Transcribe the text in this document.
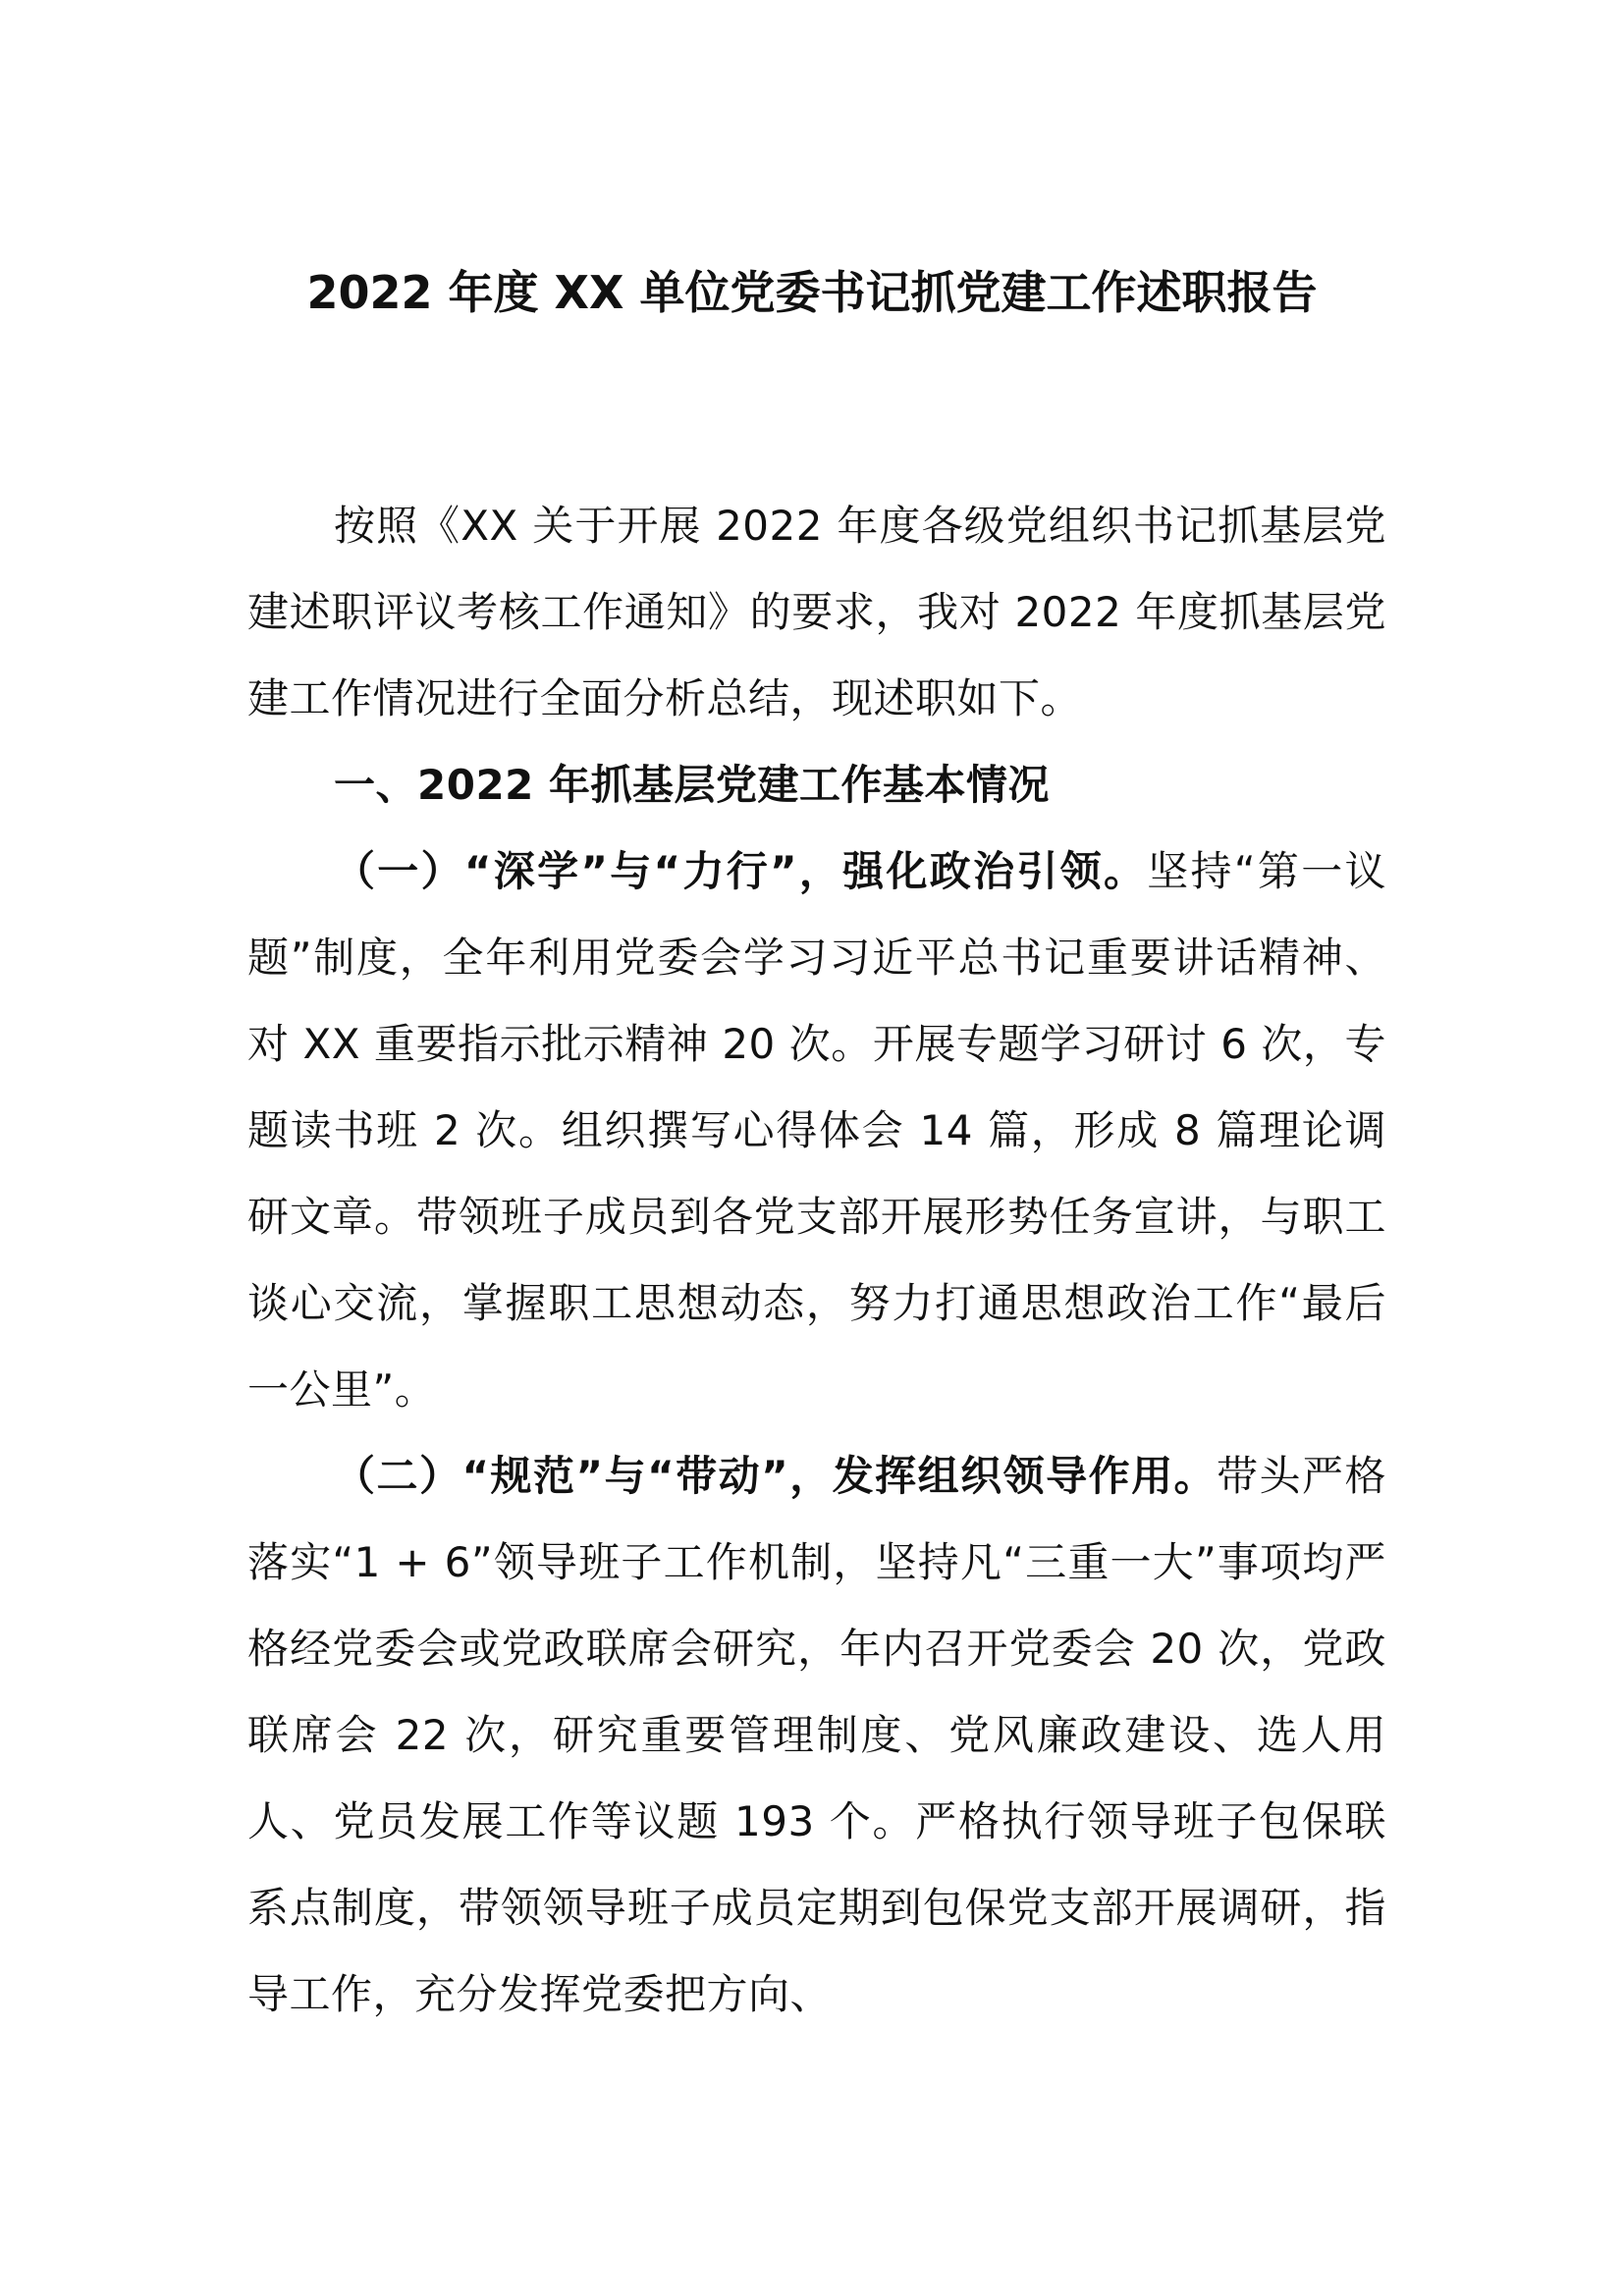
2022 年度 XX 单位党委书记抓党建工作述职报告

按照《XX 关于开展 2022 年度各级党组织书记抓基层党建述职评议考核工作通知》的要求，我对 2022 年度抓基层党建工作情况进行全面分析总结，现述职如下。

一、2022 年抓基层党建工作基本情况

（一）“深学”与“力行”，强化政治引领。坚持“第一议题”制度，全年利用党委会学习习近平总书记重要讲话精神、对 XX 重要指示批示精神 20 次。开展专题学习研讨 6 次，专题读书班 2 次。组织撰写心得体会 14 篇，形成 8 篇理论调研文章。带领班子成员到各党支部开展形势任务宣讲，与职工谈心交流，掌握职工思想动态，努力打通思想政治工作“最后一公里”。

（二）“规范”与“带动”，发挥组织领导作用。带头严格落实“1 + 6”领导班子工作机制，坚持凡“三重一大”事项均严格经党委会或党政联席会研究，年内召开党委会 20 次，党政联席会 22 次，研究重要管理制度、党风廉政建设、选人用人、党员发展工作等议题 193 个。严格执行领导班子包保联系点制度，带领领导班子成员定期到包保党支部开展调研，指导工作，充分发挥党委把方向、
